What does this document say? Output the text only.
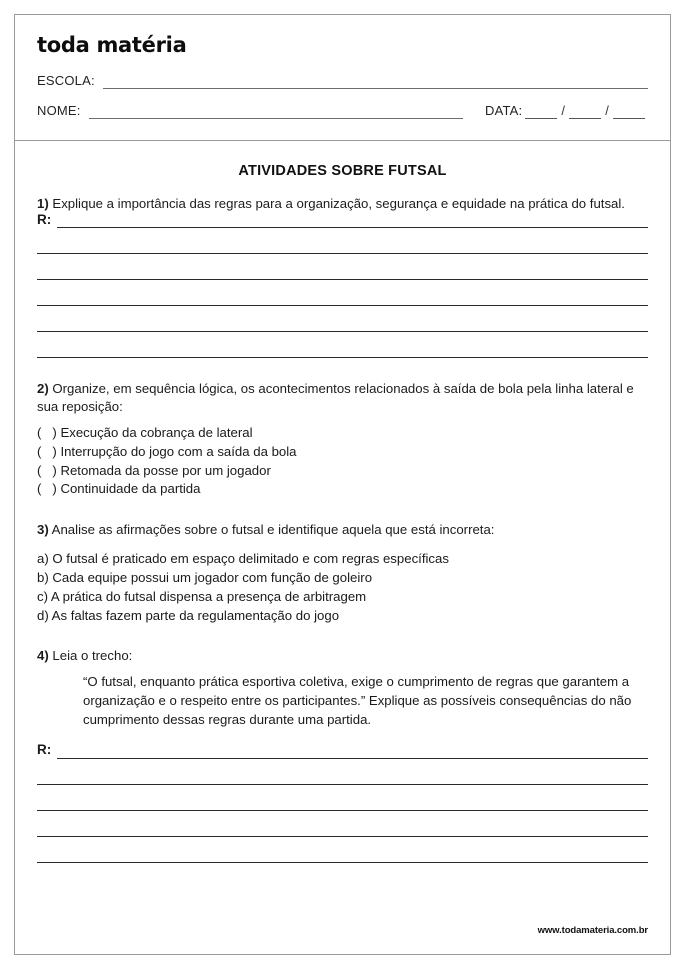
toda matéria
ESCOLA:
NOME:	DATA:	/	/
ATIVIDADES SOBRE FUTSAL
1) Explique a importância das regras para a organização, segurança e equidade na prática do futsal.
R:
2) Organize, em sequência lógica, os acontecimentos relacionados à saída de bola pela linha lateral e sua reposição:
(   ) Execução da cobrança de lateral
(   ) Interrupção do jogo com a saída da bola
(   ) Retomada da posse por um jogador
(   ) Continuidade da partida
3) Analise as afirmações sobre o futsal e identifique aquela que está incorreta:
a) O futsal é praticado em espaço delimitado e com regras específicas
b) Cada equipe possui um jogador com função de goleiro
c) A prática do futsal dispensa a presença de arbitragem
d) As faltas fazem parte da regulamentação do jogo
4) Leia o trecho:
“O futsal, enquanto prática esportiva coletiva, exige o cumprimento de regras que garantem a organização e o respeito entre os participantes.” Explique as possíveis consequências do não cumprimento dessas regras durante uma partida.
R:
www.todamateria.com.br
